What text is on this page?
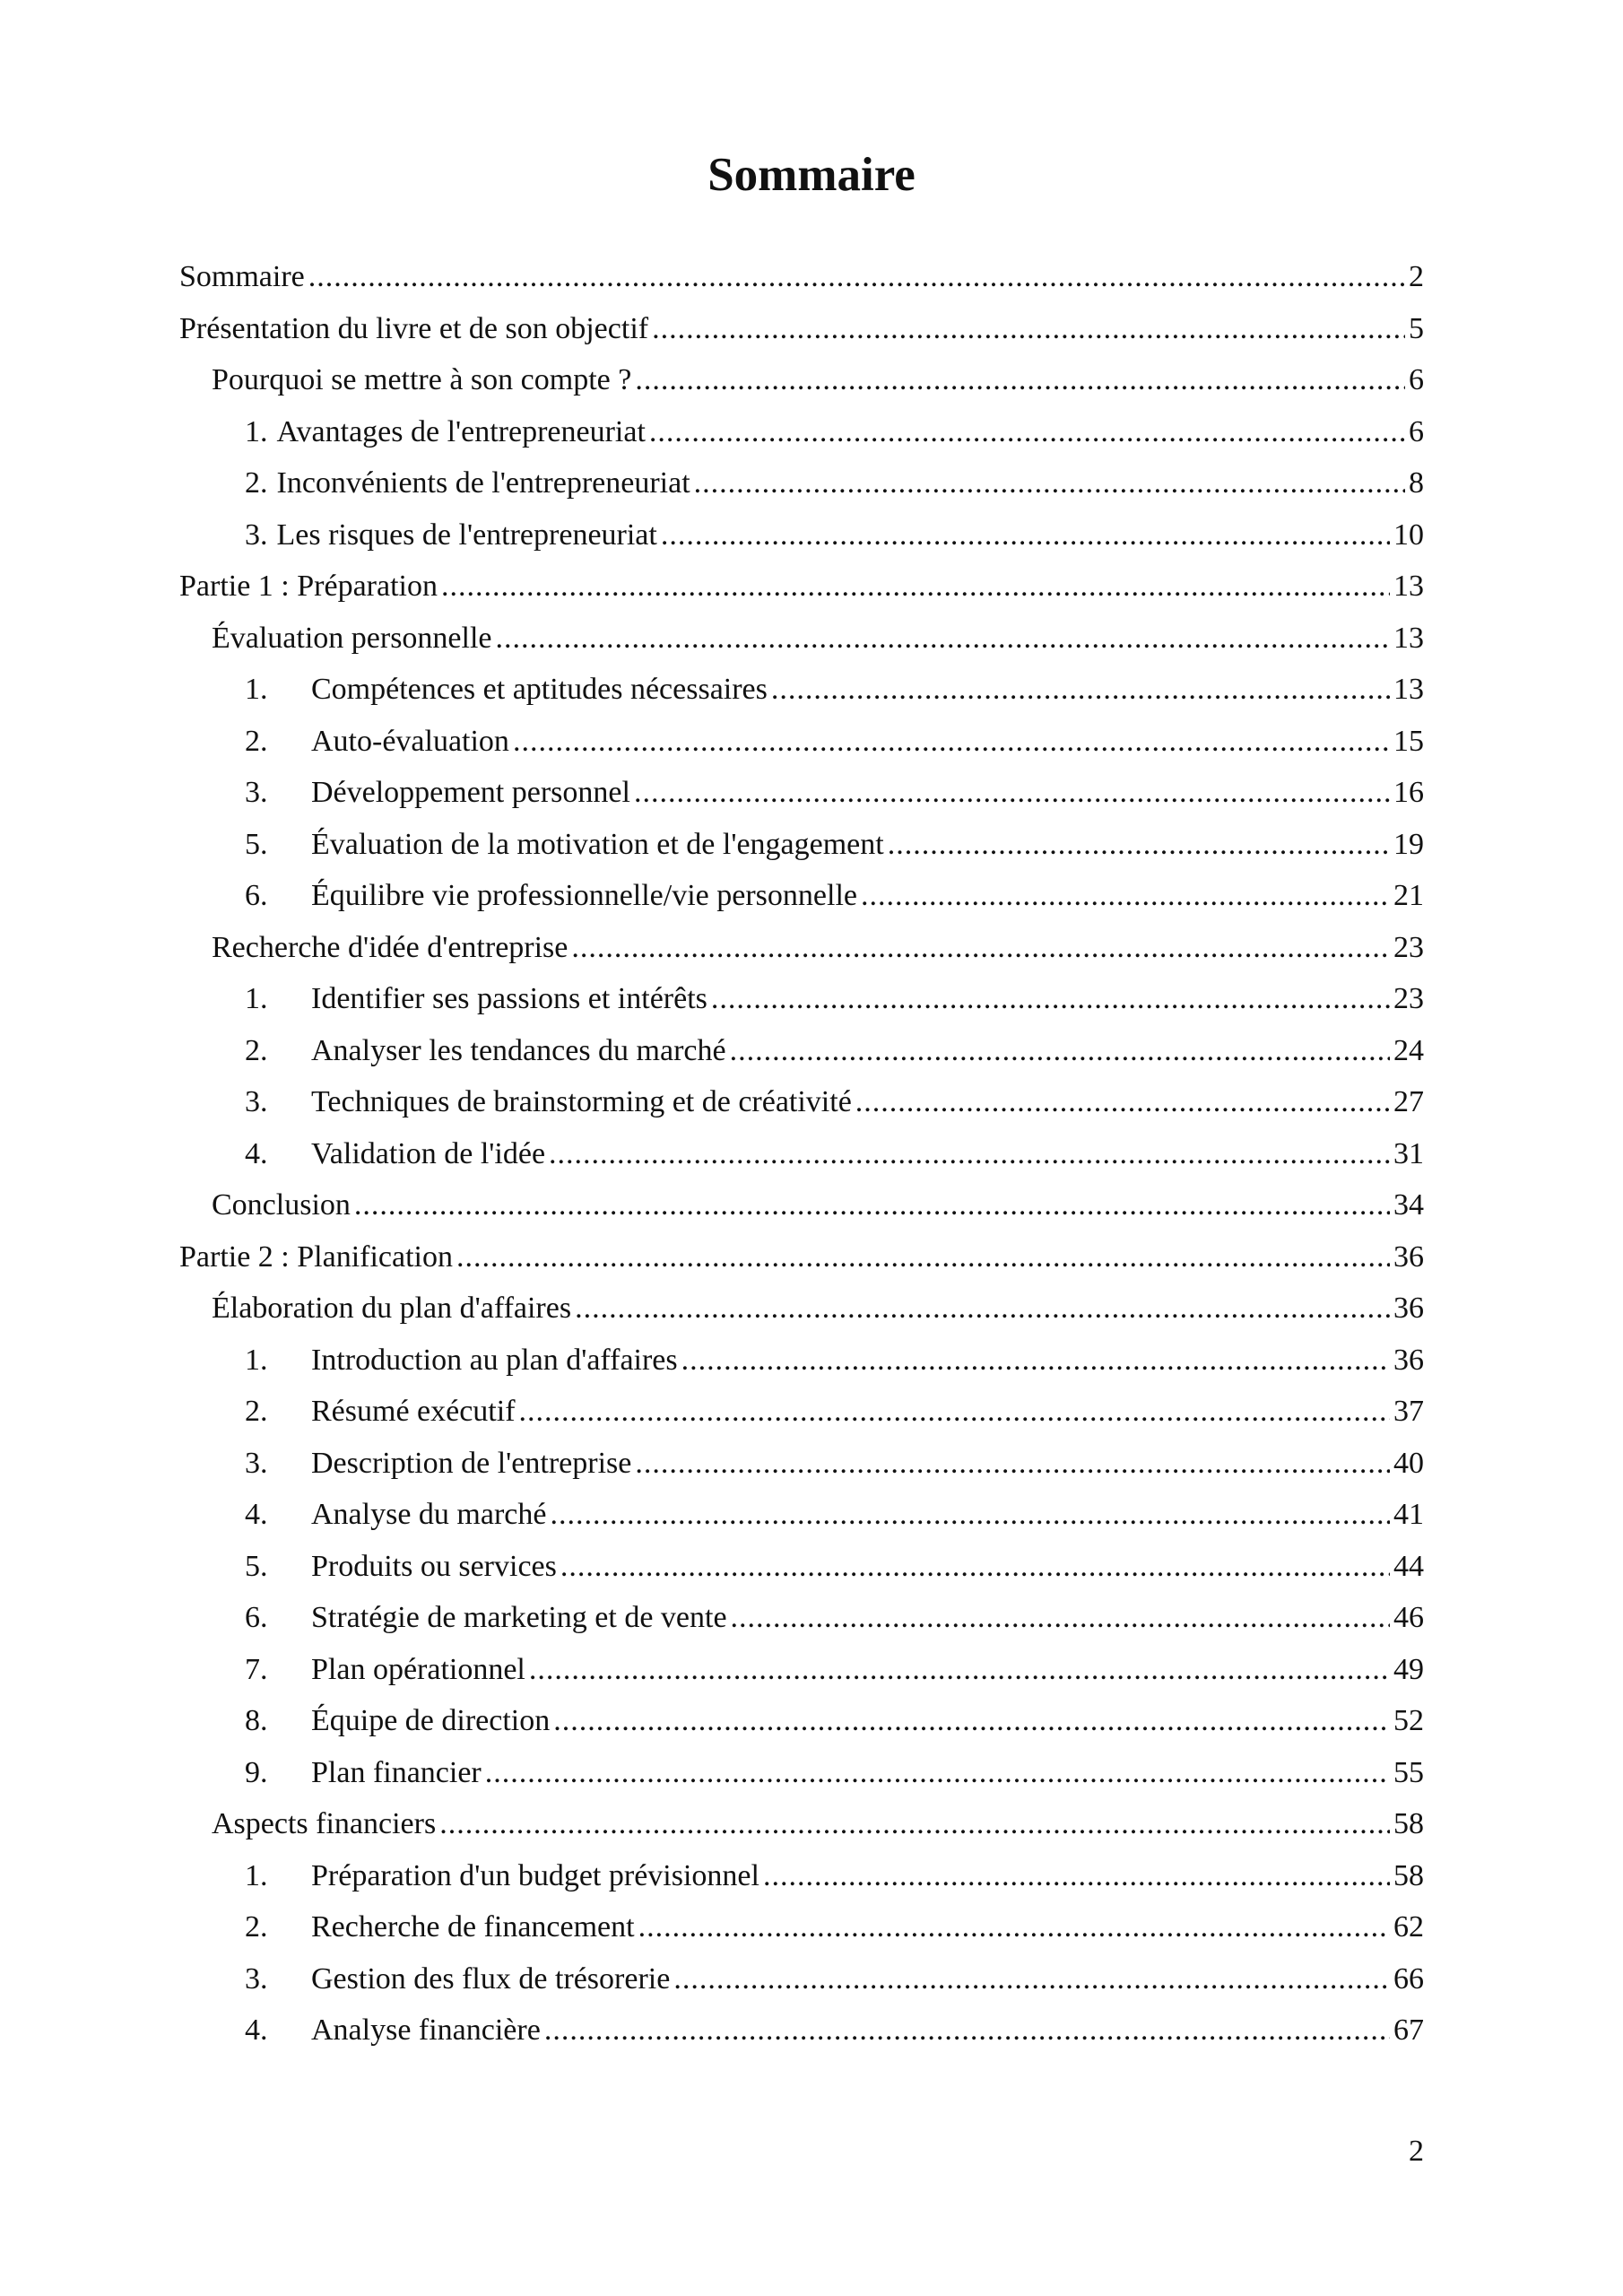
Sommaire
Sommaire .....	2
Présentation du livre et de son objectif .....	5
Pourquoi se mettre à son compte ? .....	6
1. Avantages de l'entrepreneuriat .....	6
2. Inconvénients de l'entrepreneuriat .....	8
3. Les risques de l'entrepreneuriat .....	10
Partie 1 : Préparation .....	13
Évaluation personnelle .....	13
1.	Compétences et aptitudes nécessaires .....	13
2.	Auto-évaluation .....	15
3.	Développement personnel .....	16
5.	Évaluation de la motivation et de l'engagement .....	19
6.	Équilibre vie professionnelle/vie personnelle .....	21
Recherche d'idée d'entreprise .....	23
1.	Identifier ses passions et intérêts .....	23
2.	Analyser les tendances du marché .....	24
3.	Techniques de brainstorming et de créativité .....	27
4.	Validation de l'idée .....	31
Conclusion .....	34
Partie 2 : Planification .....	36
Élaboration du plan d'affaires .....	36
1.	Introduction au plan d'affaires .....	36
2.	Résumé exécutif .....	37
3.	Description de l'entreprise .....	40
4.	Analyse du marché .....	41
5.	Produits ou services .....	44
6.	Stratégie de marketing et de vente .....	46
7.	Plan opérationnel .....	49
8.	Équipe de direction .....	52
9.	Plan financier .....	55
Aspects financiers .....	58
1.	Préparation d'un budget prévisionnel .....	58
2.	Recherche de financement .....	62
3.	Gestion des flux de trésorerie .....	66
4.	Analyse financière .....	67
2
